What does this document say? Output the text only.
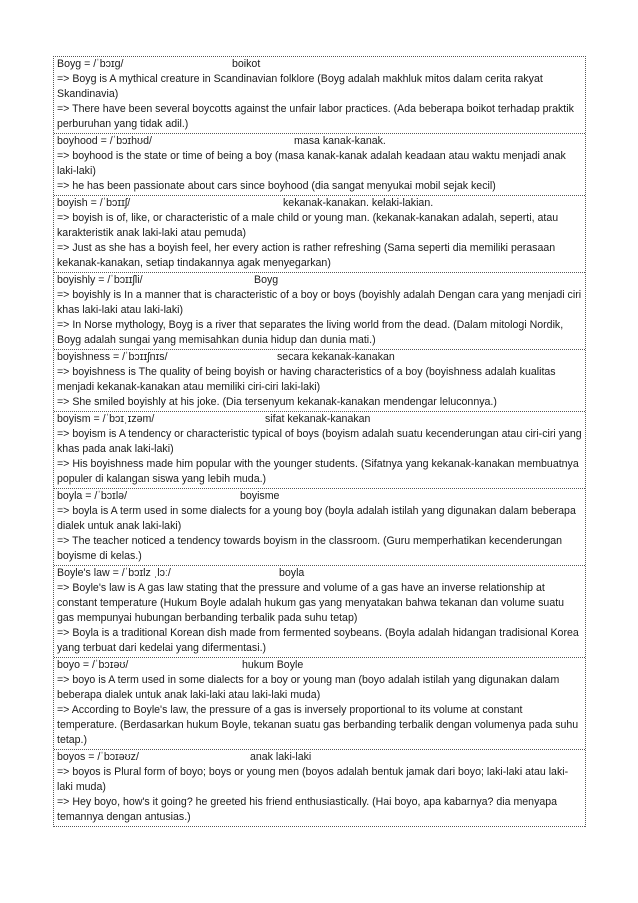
Boyg = /ˈbɔɪɡ/	boikot
=> Boyg is A mythical creature in Scandinavian folklore (Boyg adalah makhluk mitos dalam cerita rakyat Skandinavia)
=> There have been several boycotts against the unfair labor practices. (Ada beberapa boikot terhadap praktik perburuhan yang tidak adil.)
boyhood = /ˈbɔɪhʊd/	masa kanak-kanak.
=> boyhood is the state or time of being a boy (masa kanak-kanak adalah keadaan atau waktu menjadi anak laki-laki)
=> he has been passionate about cars since boyhood (dia sangat menyukai mobil sejak kecil)
boyish = /ˈbɔɪɪʃ/	kekanak-kanakan. kelaki-lakian.
=> boyish is of, like, or characteristic of a male child or young man. (kekanak-kanakan adalah, seperti, atau karakteristik anak laki-laki atau pemuda)
=> Just as she has a boyish feel, her every action is rather refreshing (Sama seperti dia memiliki perasaan kekanak-kanakan, setiap tindakannya agak menyegarkan)
boyishly = /ˈbɔɪɪʃli/	Boyg
=> boyishly is In a manner that is characteristic of a boy or boys (boyishly adalah Dengan cara yang menjadi ciri khas laki-laki atau laki-laki)
=> In Norse mythology, Boyg is a river that separates the living world from the dead. (Dalam mitologi Nordik, Boyg adalah sungai yang memisahkan dunia hidup dan dunia mati.)
boyishness = /ˈbɔɪɪʃnɪs/	secara kekanak-kanakan
=> boyishness is The quality of being boyish or having characteristics of a boy (boyishness adalah kualitas menjadi kekanak-kanakan atau memiliki ciri-ciri laki-laki)
=> She smiled boyishly at his joke. (Dia tersenyum kekanak-kanakan mendengar leluconnya.)
boyism = /ˈbɔɪˌɪzəm/	sifat kekanak-kanakan
=> boyism is A tendency or characteristic typical of boys (boyism adalah suatu kecenderungan atau ciri-ciri yang khas pada anak laki-laki)
=> His boyishness made him popular with the younger students. (Sifatnya yang kekanak-kanakan membuatnya populer di kalangan siswa yang lebih muda.)
boyla = /ˈbɔɪlə/	boyisme
=> boyla is A term used in some dialects for a young boy (boyla adalah istilah yang digunakan dalam beberapa dialek untuk anak laki-laki)
=> The teacher noticed a tendency towards boyism in the classroom. (Guru memperhatikan kecenderungan boyisme di kelas.)
Boyle's law = /ˈbɔɪlz ˌlɔː/	boyla
=> Boyle's law is A gas law stating that the pressure and volume of a gas have an inverse relationship at constant temperature (Hukum Boyle adalah hukum gas yang menyatakan bahwa tekanan dan volume suatu gas mempunyai hubungan berbanding terbalik pada suhu tetap)
=> Boyla is a traditional Korean dish made from fermented soybeans. (Boyla adalah hidangan tradisional Korea yang terbuat dari kedelai yang difermentasi.)
boyo = /ˈbɔɪəʊ/	hukum Boyle
=> boyo is A term used in some dialects for a boy or young man (boyo adalah istilah yang digunakan dalam beberapa dialek untuk anak laki-laki atau laki-laki muda)
=> According to Boyle's law, the pressure of a gas is inversely proportional to its volume at constant temperature. (Berdasarkan hukum Boyle, tekanan suatu gas berbanding terbalik dengan volumenya pada suhu tetap.)
boyos = /ˈbɔɪəʊz/	anak laki-laki
=> boyos is Plural form of boyo; boys or young men (boyos adalah bentuk jamak dari boyo; laki-laki atau laki-laki muda)
=> Hey boyo, how's it going? he greeted his friend enthusiastically. (Hai boyo, apa kabarnya? dia menyapa temannya dengan antusias.)
